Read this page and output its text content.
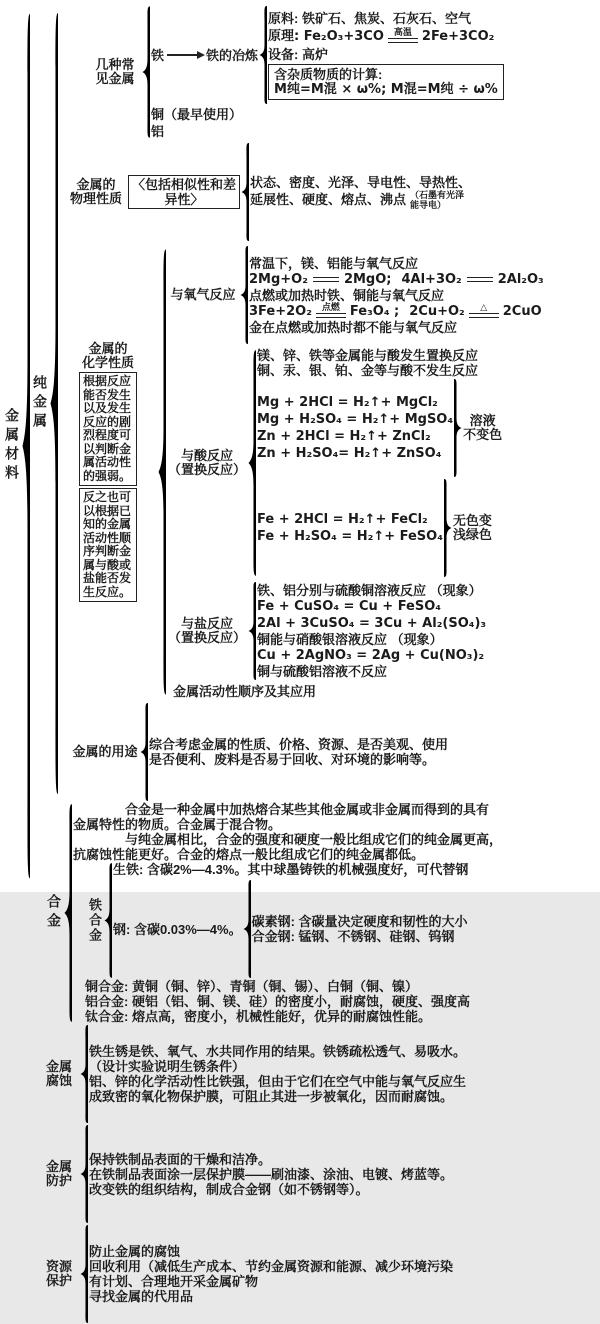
金属材料
纯金属
几种常
见金属
铁	铁的冶炼
原料: 铁矿石、焦炭、石灰石、空气
原理: Fe₂O₃+3CO 高温 2Fe+3CO₂
设备: 高炉
含杂质物质的计算:
M纯=M混 × ω%; M混=M纯 ÷ ω%
铜（最早使用）
铝
金属的
物理性质
〈包括相似性和差异性〉
状态、密度、光泽、导电性、导热性、
延展性、硬度、熔点、沸点 （石墨有光泽能导电）
金属的
化学性质
根据反应能否发生以及发生反应的剧烈程度可以判断金属活动性的强弱。
反之也可以根据已知的金属活动性顺序判断金属与酸或盐能否发生反应。
与氧气反应
常温下，镁、铝能与氧气反应
2Mg+O₂	2MgO; 4Al+3O₂	2Al₂O₃
点燃或加热时铁、铜能与氧气反应
3Fe+2O₂ 点燃 Fe₃O₄ ; 2Cu+O₂ △ 2CuO
金在点燃或加热时都不能与氧气反应
与酸反应
（置换反应）
镁、锌、铁等金属能与酸发生置换反应
铜、汞、银、铂、金等与酸不发生反应
Mg + 2HCl = H₂↑+ MgCl₂
Mg + H₂SO₄ = H₂↑+ MgSO₄
Zn + 2HCl = H₂↑+ ZnCl₂
Zn + H₂SO₄= H₂↑+ ZnSO₄
溶液
不变色
Fe + 2HCl = H₂↑+ FeCl₂
Fe + H₂SO₄ = H₂↑+ FeSO₄
无色变
浅绿色
与盐反应
（置换反应）
铁、铝分别与硫酸铜溶液反应 （现象）
Fe + CuSO₄ = Cu + FeSO₄
2Al + 3CuSO₄ = 3Cu + Al₂(SO₄)₃
铜能与硝酸银溶液反应 （现象）
Cu + 2AgNO₃ = 2Ag + Cu(NO₃)₂
铜与硫酸铝溶液不反应
金属活动性顺序及其应用
金属的用途 综合考虑金属的性质、价格、资源、是否美观、使用
是否便利、废料是否易于回收、对环境的影响等。
合金
合金是一种金属中加热熔合某些其他金属或非金属而得到的具有
金属特性的物质。合金属于混合物。
与纯金属相比，合金的强度和硬度一般比组成它们的纯金属更高，
抗腐蚀性能更好。合金的熔点一般比组成它们的纯金属都低。
铁合金
生铁: 含碳2%—4.3%。其中球墨铸铁的机械强度好，可代替钢
钢: 含碳0.03%—4%。 碳素钢: 含碳量决定硬度和韧性的大小
合金钢: 锰钢、不锈钢、硅钢、钨钢
铜合金: 黄铜（铜、锌）、青铜（铜、锡）、白铜（铜、镍）
铝合金: 硬铝（铝、铜、镁、硅）的密度小，耐腐蚀，硬度、强度高
钛合金: 熔点高，密度小，机械性能好，优异的耐腐蚀性能。
金属
腐蚀
铁生锈是铁、氧气、水共同作用的结果。铁锈疏松透气、易吸水。
（设计实验说明生锈条件）
铝、锌的化学活动性比铁强，但由于它们在空气中能与氧气反应生
成致密的氧化物保护膜，可阻止其进一步被氧化，因而耐腐蚀。
金属
防护
保持铁制品表面的干燥和洁净。
在铁制品表面涂一层保护膜——刷油漆、涂油、电镀、烤蓝等。
改变铁的组织结构，制成合金钢（如不锈钢等）。
资源
保护
防止金属的腐蚀
回收利用（减低生产成本、节约金属资源和能源、减少环境污染
有计划、合理地开采金属矿物
寻找金属的代用品
